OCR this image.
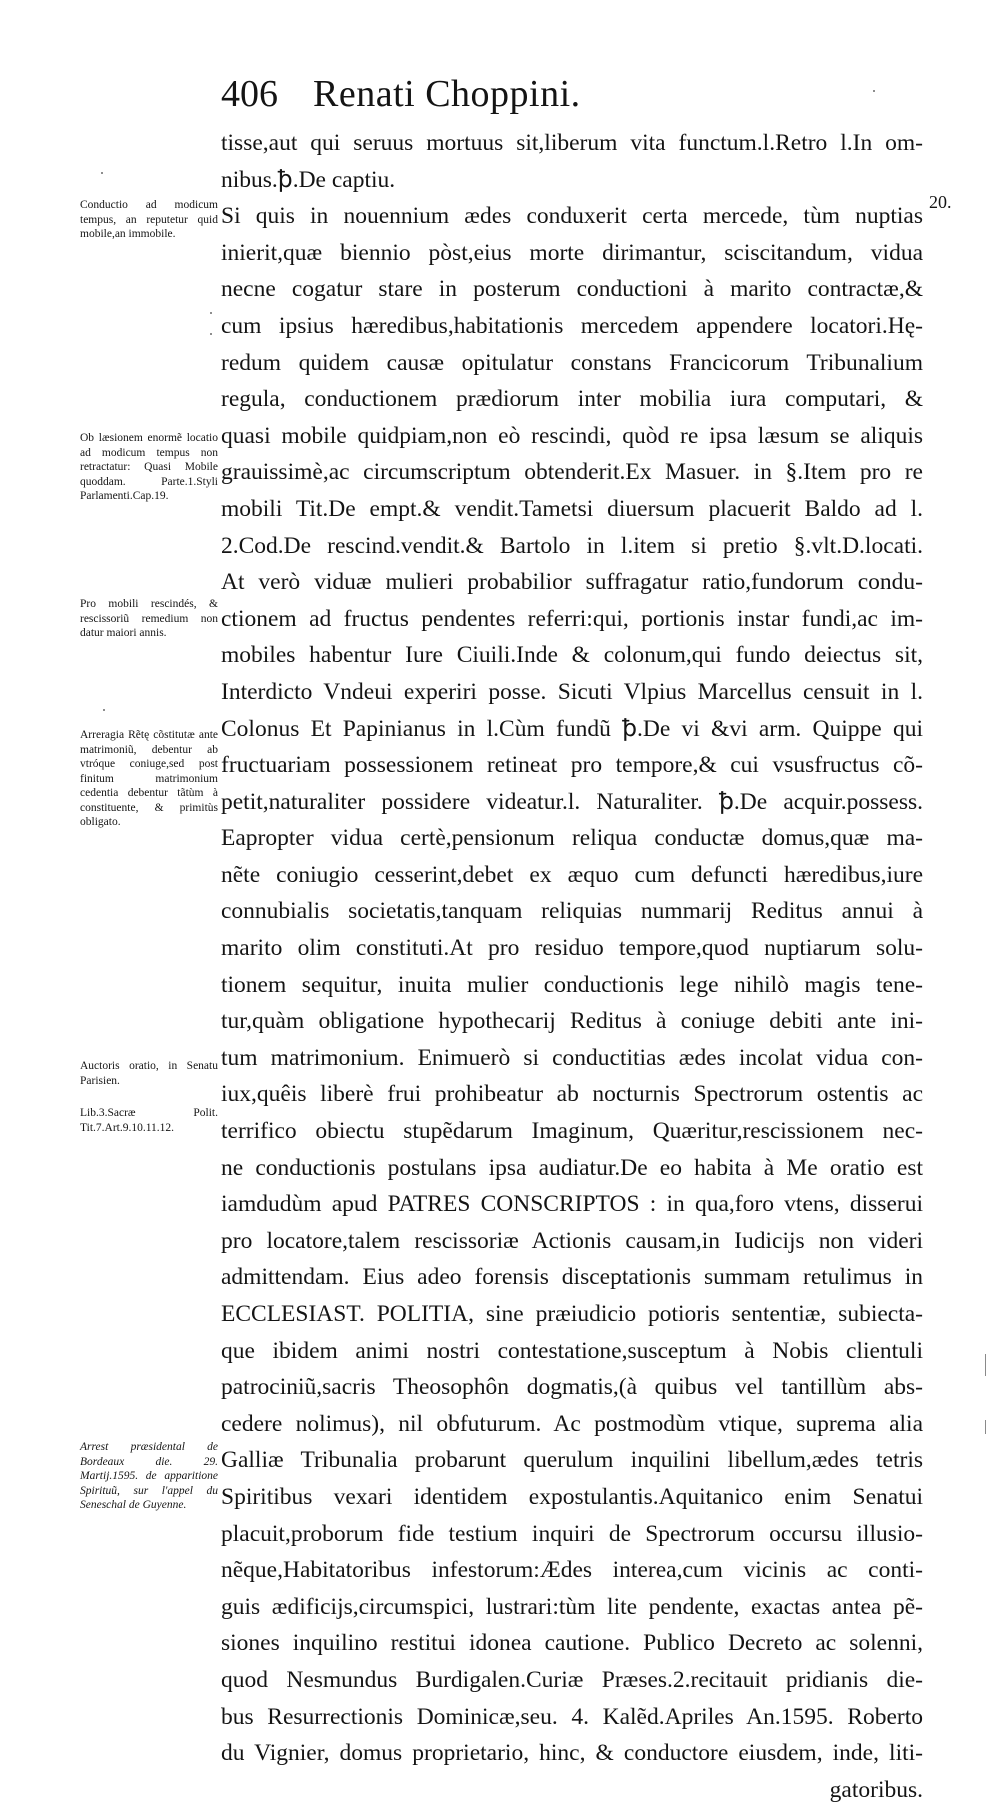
406 Renati Choppini.
20.
tisse,aut qui seruus mortuus sit,liberum vita functum.l.Retro l.In om-
nibus.ꝥ.De captiu.
Si quis in nouennium ædes conduxerit certa mercede, tùm nuptias
inierit,quæ biennio pòst,eius morte dirimantur, sciscitandum, vidua
necne cogatur stare in posterum conductioni à marito contractæ,&
cum ipsius hæredibus,habitationis mercedem appendere locatori.Hę-
redum quidem causæ opitulatur constans Francicorum Tribunalium
regula, conductionem prædiorum inter mobilia iura computari, &
quasi mobile quidpiam,non eò rescindi, quòd re ipsa læsum se aliquis
grauissimè,ac circumscriptum obtenderit.Ex Masuer. in §.Item pro re
mobili Tit.De empt.& vendit.Tametsi diuersum placuerit Baldo ad l.
2.Cod.De rescind.vendit.& Bartolo in l.item si pretio §.vlt.D.locati.
At verò viduæ mulieri probabilior suffragatur ratio,fundorum condu-
ctionem ad fructus pendentes referri:qui, portionis instar fundi,ac im-
mobiles habentur Iure Ciuili.Inde & colonum,qui fundo deiectus sit,
Interdicto Vndeui experiri posse. Sicuti Vlpius Marcellus censuit in l.
Colonus Et Papinianus in l.Cùm fundũ ꝥ.De vi &vi arm. Quippe qui
fructuariam possessionem retineat pro tempore,& cui vsusfructus cõ-
petit,naturaliter possidere videatur.l. Naturaliter. ꝥ.De acquir.possess.
Eapropter vidua certè,pensionum reliqua conductæ domus,quæ ma-
nẽte coniugio cesserint,debet ex æquo cum defuncti hæredibus,iure
connubialis societatis,tanquam reliquias nummarij Reditus annui à
marito olim constituti.At pro residuo tempore,quod nuptiarum solu-
tionem sequitur, inuita mulier conductionis lege nihilò magis tene-
tur,quàm obligatione hypothecarij Reditus à coniuge debiti ante ini-
tum matrimonium. Enimuerò si conductitias ædes incolat vidua con-
iux,quêis liberè frui prohibeatur ab nocturnis Spectrorum ostentis ac
terrifico obiectu stupẽdarum Imaginum, Quæritur,rescissionem nec-
ne conductionis postulans ipsa audiatur.De eo habita à Me oratio est
iamdudùm apud PATRES CONSCRIPTOS : in qua,foro vtens, disserui
pro locatore,talem rescissoriæ Actionis causam,in Iudicijs non videri
admittendam. Eius adeo forensis disceptationis summam retulimus in
ECCLESIAST. POLITIA, sine præiudicio potioris sententiæ, subiecta-
que ibidem animi nostri contestatione,susceptum à Nobis clientuli
patrociniũ,sacris Theosophôn dogmatis,(à quibus vel tantillùm abs-
cedere nolimus), nil obfuturum. Ac postmodùm vtique, suprema alia
Galliæ Tribunalia probarunt querulum inquilini libellum,ædes tetris
Spiritibus vexari identidem expostulantis.Aquitanico enim Senatui
placuit,proborum fide testium inquiri de Spectrorum occursu illusio-
nẽque,Habitatoribus infestorum:Ædes interea,cum vicinis ac conti-
guis ædificijs,circumspici, lustrari:tùm lite pendente, exactas antea pẽ-
siones inquilino restitui idonea cautione. Publico Decreto ac solenni,
quod Nesmundus Burdigalen.Curiæ Præses.2.recitauit pridianis die-
bus Resurrectionis Dominicæ,seu. 4. Kalẽd.Apriles An.1595. Roberto
du Vignier, domus proprietario, hinc, & conductore eiusdem, inde, liti-
gatoribus.
Conductio ad modicum tempus, an reputetur quid mobile,an immobile.
Ob læsionem enormẽ locatio ad modicum tempus non retractatur: Quasi Mobile quoddam. Parte.1.Styli Parlamenti.Cap.19.
Pro mobili rescindés, & rescissoriũ remedium non datur maiori annis.
Arreragia Rẽtę cõstitutæ ante matrimoniũ, debentur ab vtróque coniuge,sed post finitum matrimonium cedentia debentur tãtùm à constituente, & primitùs obligato.
Auctoris oratio, in Senatu Parisien.
Lib.3.Sacræ Polit. Tit.7.Art.9.10.11.12.
Arrest præsidental de Bordeaux die. 29. Martij.1595. de apparitione Spirituũ, sur l'appel du Seneschal de Guyenne.
